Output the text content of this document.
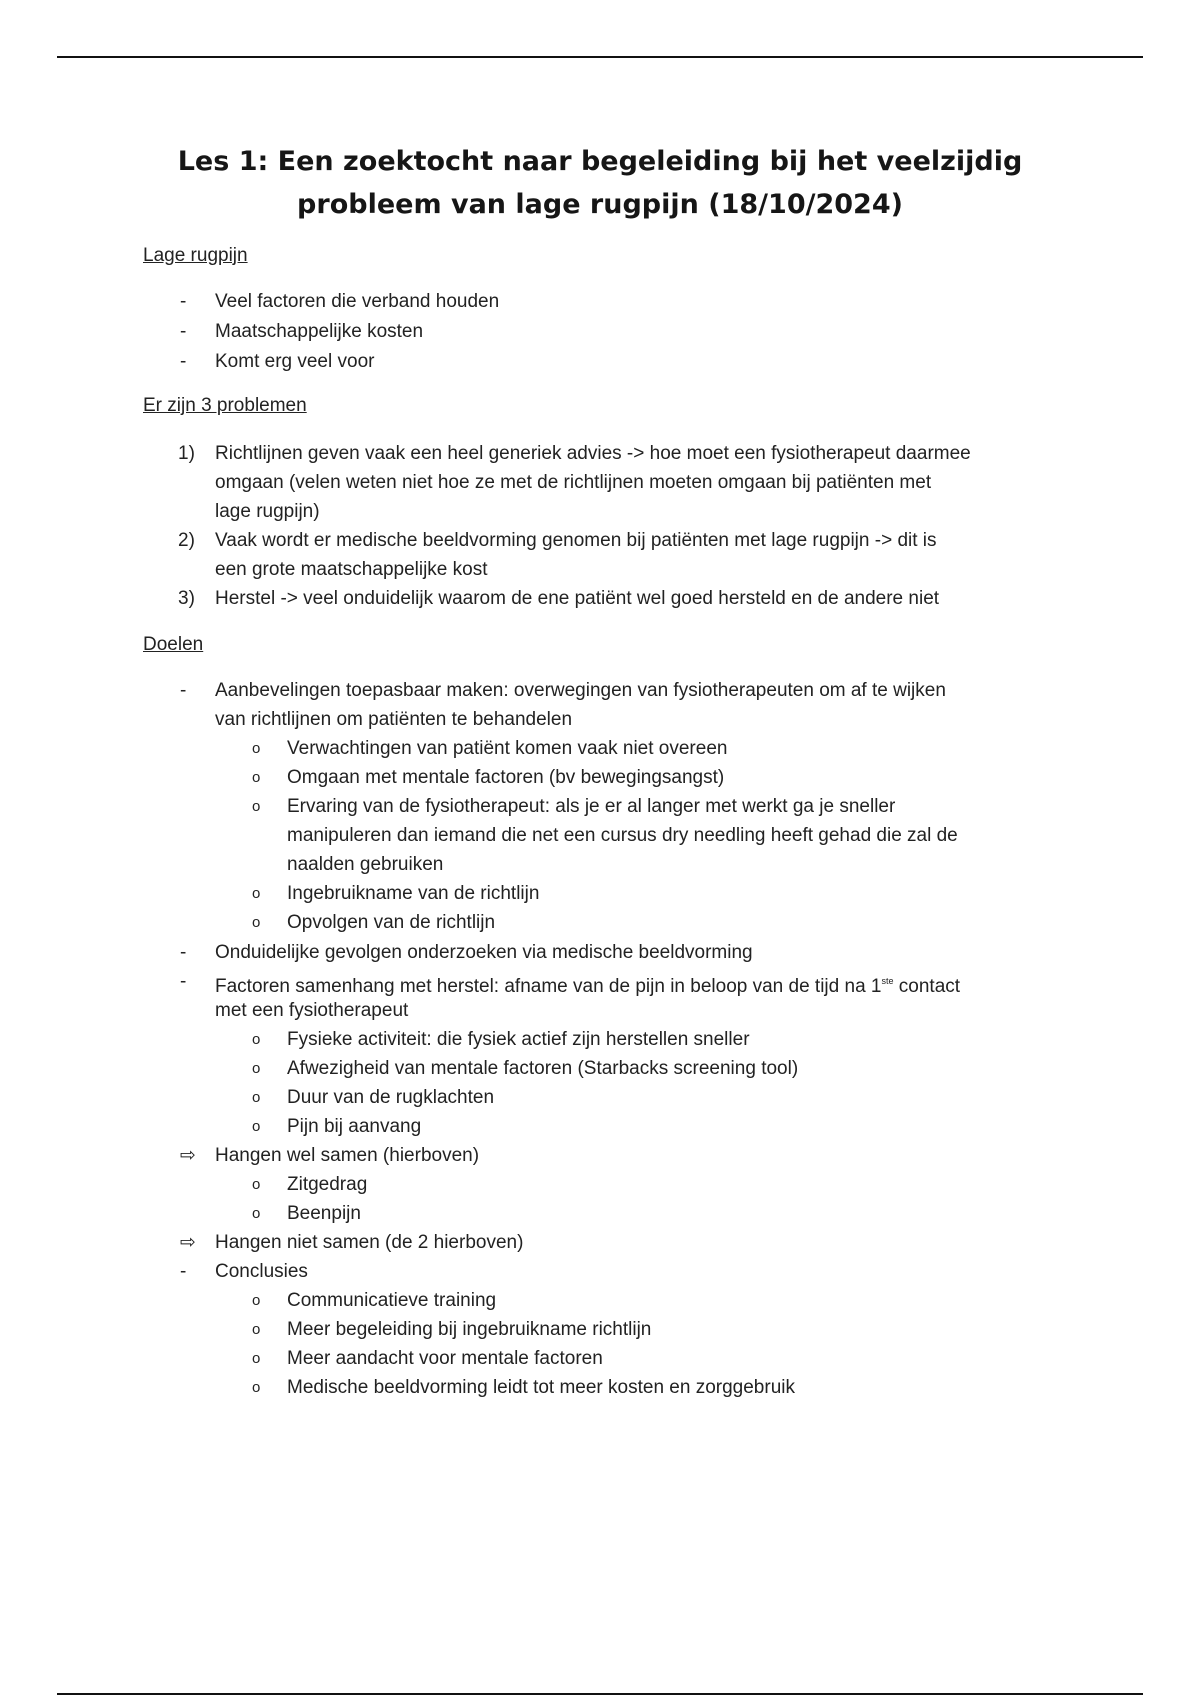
Les 1: Een zoektocht naar begeleiding bij het veelzijdig
probleem van lage rugpijn (18/10/2024)
Lage rugpijn
- Veel factoren die verband houden
- Maatschappelijke kosten
- Komt erg veel voor
Er zijn 3 problemen
1) Richtlijnen geven vaak een heel generiek advies -> hoe moet een fysiotherapeut daarmee
omgaan (velen weten niet hoe ze met de richtlijnen moeten omgaan bij patiënten met
lage rugpijn)
2) Vaak wordt er medische beeldvorming genomen bij patiënten met lage rugpijn -> dit is
een grote maatschappelijke kost
3) Herstel -> veel onduidelijk waarom de ene patiënt wel goed hersteld en de andere niet
Doelen
- Aanbevelingen toepasbaar maken: overwegingen van fysiotherapeuten om af te wijken
van richtlijnen om patiënten te behandelen
o Verwachtingen van patiënt komen vaak niet overeen
o Omgaan met mentale factoren (bv bewegingsangst)
o Ervaring van de fysiotherapeut: als je er al langer met werkt ga je sneller
manipuleren dan iemand die net een cursus dry needling heeft gehad die zal de
naalden gebruiken
o Ingebruikname van de richtlijn
o Opvolgen van de richtlijn
- Onduidelijke gevolgen onderzoeken via medische beeldvorming
- Factoren samenhang met herstel: afname van de pijn in beloop van de tijd na 1ste contact
met een fysiotherapeut
o Fysieke activiteit: die fysiek actief zijn herstellen sneller
o Afwezigheid van mentale factoren (Starbacks screening tool)
o Duur van de rugklachten
o Pijn bij aanvang
⇨ Hangen wel samen (hierboven)
o Zitgedrag
o Beenpijn
⇨ Hangen niet samen (de 2 hierboven)
- Conclusies
o Communicatieve training
o Meer begeleiding bij ingebruikname richtlijn
o Meer aandacht voor mentale factoren
o Medische beeldvorming leidt tot meer kosten en zorggebruik
